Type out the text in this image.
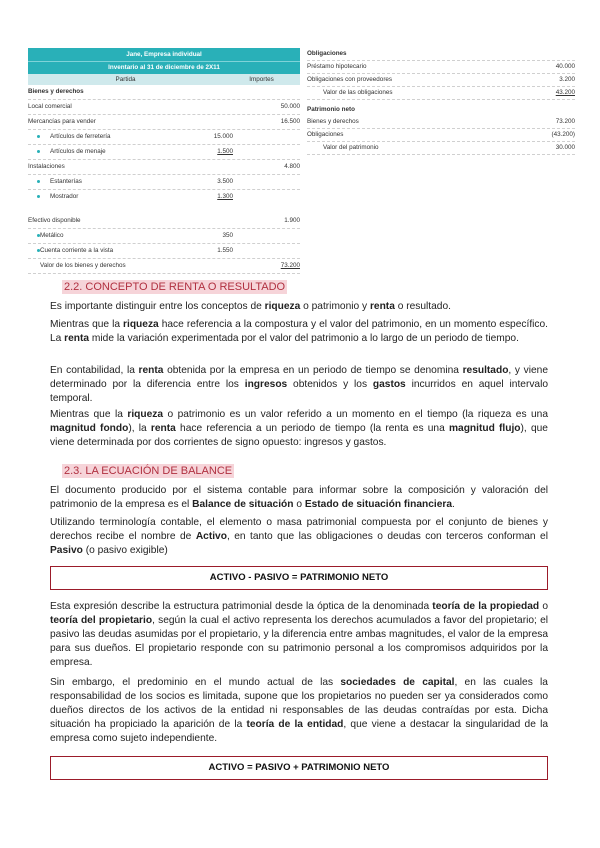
Jane, Empresa individual
Inventario al 31 de diciembre de 2X11
Partida	Importes
Bienes y derechos
Local comercial	50.000
Mercancías para vender	16.500
Artículos de ferretería	15.000
Artículos de menaje	1.500
Instalaciones	4.800
Estanterías	3.500
Mostrador	1.300
Efectivo disponible	1.900
Metálico	350
Cuenta corriente a la vista	1.550
Valor de los bienes y derechos	73.200
Obligaciones
Préstamo hipotecario	40.000
Obligaciones con proveedores	3.200
Valor de las obligaciones	43.200
Patrimonio neto
Bienes y derechos	73.200
Obligaciones	(43.200)
Valor del patrimonio	30.000
2.2. CONCEPTO DE RENTA O RESULTADO
Es importante distinguir entre los conceptos de riqueza o patrimonio y renta o resultado.
Mientras que la riqueza hace referencia a la compostura y el valor del patrimonio, en un momento específico. La renta mide la variación experimentada por el valor del patrimonio a lo largo de un periodo de tiempo.
En contabilidad, la renta obtenida por la empresa en un periodo de tiempo se denomina resultado, y viene determinado por la diferencia entre los ingresos obtenidos y los gastos incurridos en aquel intervalo temporal.
Mientras que la riqueza o patrimonio es un valor referido a un momento en el tiempo (la riqueza es una magnitud fondo), la renta hace referencia a un periodo de tiempo (la renta es una magnitud flujo), que viene determinada por dos corrientes de signo opuesto: ingresos y gastos.
2.3. LA ECUACIÓN DE BALANCE
El documento producido por el sistema contable para informar sobre la composición y valoración del patrimonio de la empresa es el Balance de situación o Estado de situación financiera.
Utilizando terminología contable, el elemento o masa patrimonial compuesta por el conjunto de bienes y derechos recibe el nombre de Activo, en tanto que las obligaciones o deudas con terceros conforman el Pasivo (o pasivo exigible)
ACTIVO - PASIVO = PATRIMONIO NETO
Esta expresión describe la estructura patrimonial desde la óptica de la denominada teoría de la propiedad o teoría del propietario, según la cual el activo representa los derechos acumulados a favor del propietario; el pasivo las deudas asumidas por el propietario, y la diferencia entre ambas magnitudes, el valor de la empresa para sus dueños. El propietario responde con su patrimonio personal a los compromisos adquiridos por la empresa.
Sin embargo, el predominio en el mundo actual de las sociedades de capital, en las cuales la responsabilidad de los socios es limitada, supone que los propietarios no pueden ser ya considerados como dueños directos de los activos de la entidad ni responsables de las deudas contraídas por esta. Dicha situación ha propiciado la aparición de la teoría de la entidad, que viene a destacar la singularidad de la empresa como sujeto independiente.
ACTIVO = PASIVO + PATRIMONIO NETO
